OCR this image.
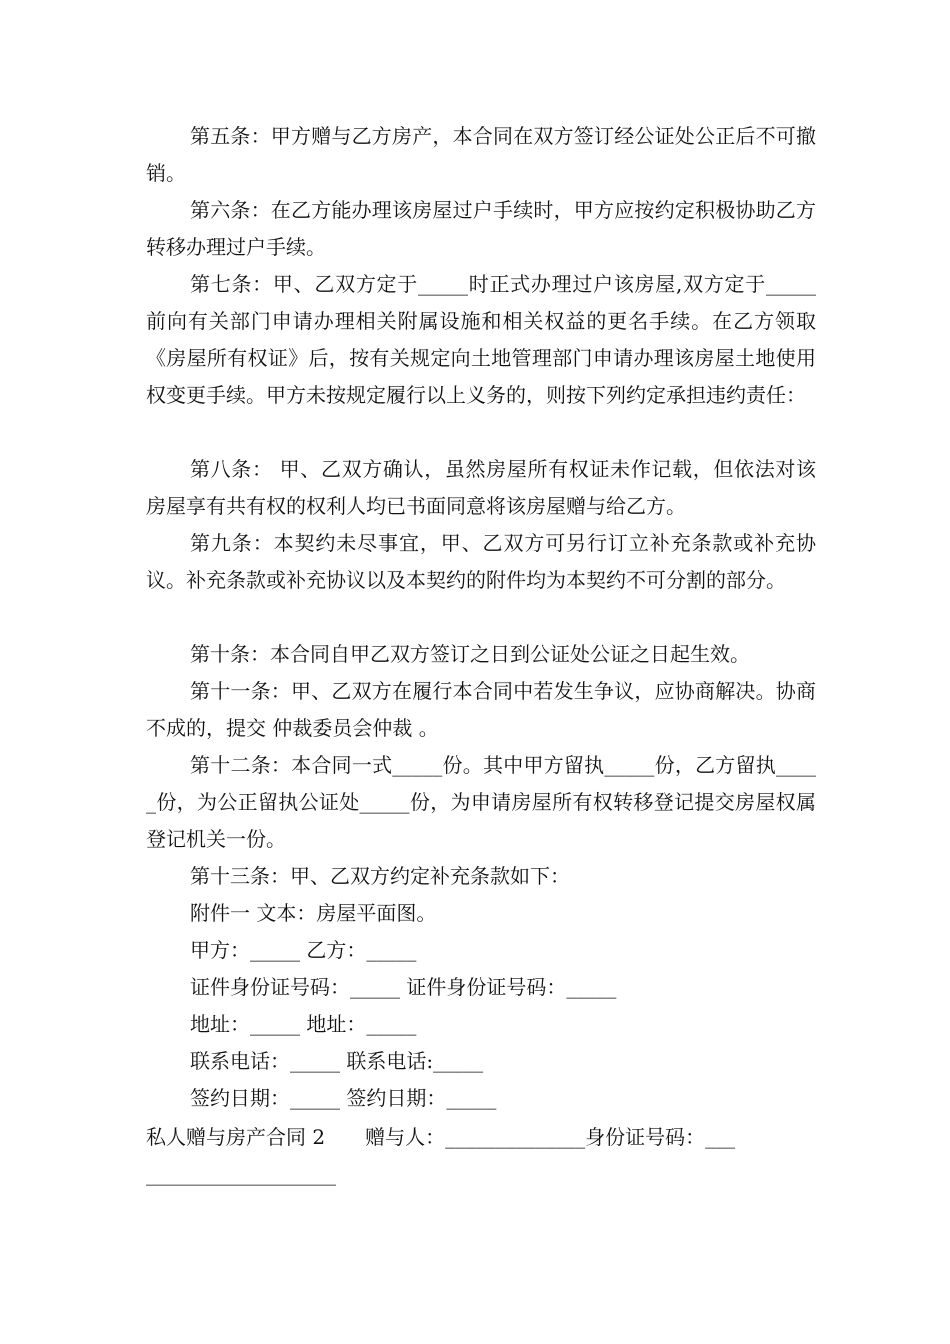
第五条：甲方赠与乙方房产，本合同在双方签订经公证处公正后不可撤销。
第六条：在乙方能办理该房屋过户手续时，甲方应按约定积极协助乙方转移办理过户手续。
第七条：甲、乙双方定于_____时正式办理过户该房屋,双方定于_____前向有关部门申请办理相关附属设施和相关权益的更名手续。在乙方领取《房屋所有权证》后，按有关规定向土地管理部门申请办理该房屋土地使用权变更手续。甲方未按规定履行以上义务的，则按下列约定承担违约责任：
第八条： 甲、乙双方确认，虽然房屋所有权证未作记载，但依法对该房屋享有共有权的权利人均已书面同意将该房屋赠与给乙方。
第九条：本契约未尽事宜，甲、乙双方可另行订立补充条款或补充协议。补充条款或补充协议以及本契约的附件均为本契约不可分割的部分。
第十条：本合同自甲乙双方签订之日到公证处公证之日起生效。
第十一条：甲、乙双方在履行本合同中若发生争议，应协商解决。协商不成的，提交 仲裁委员会仲裁 。
第十二条：本合同一式_____份。其中甲方留执_____份，乙方留执_____份，为公正留执公证处_____份，为申请房屋所有权转移登记提交房屋权属登记机关一份。
第十三条：甲、乙双方约定补充条款如下：
附件一 文本：房屋平面图。
甲方：_____ 乙方：_____
证件身份证号码：_____ 证件身份证号码：_____
地址：_____ 地址：_____
联系电话：_____ 联系电话:_____
签约日期：_____ 签约日期：_____
私人赠与房产合同 2　　赠与人：______________身份证号码：___
___________________
